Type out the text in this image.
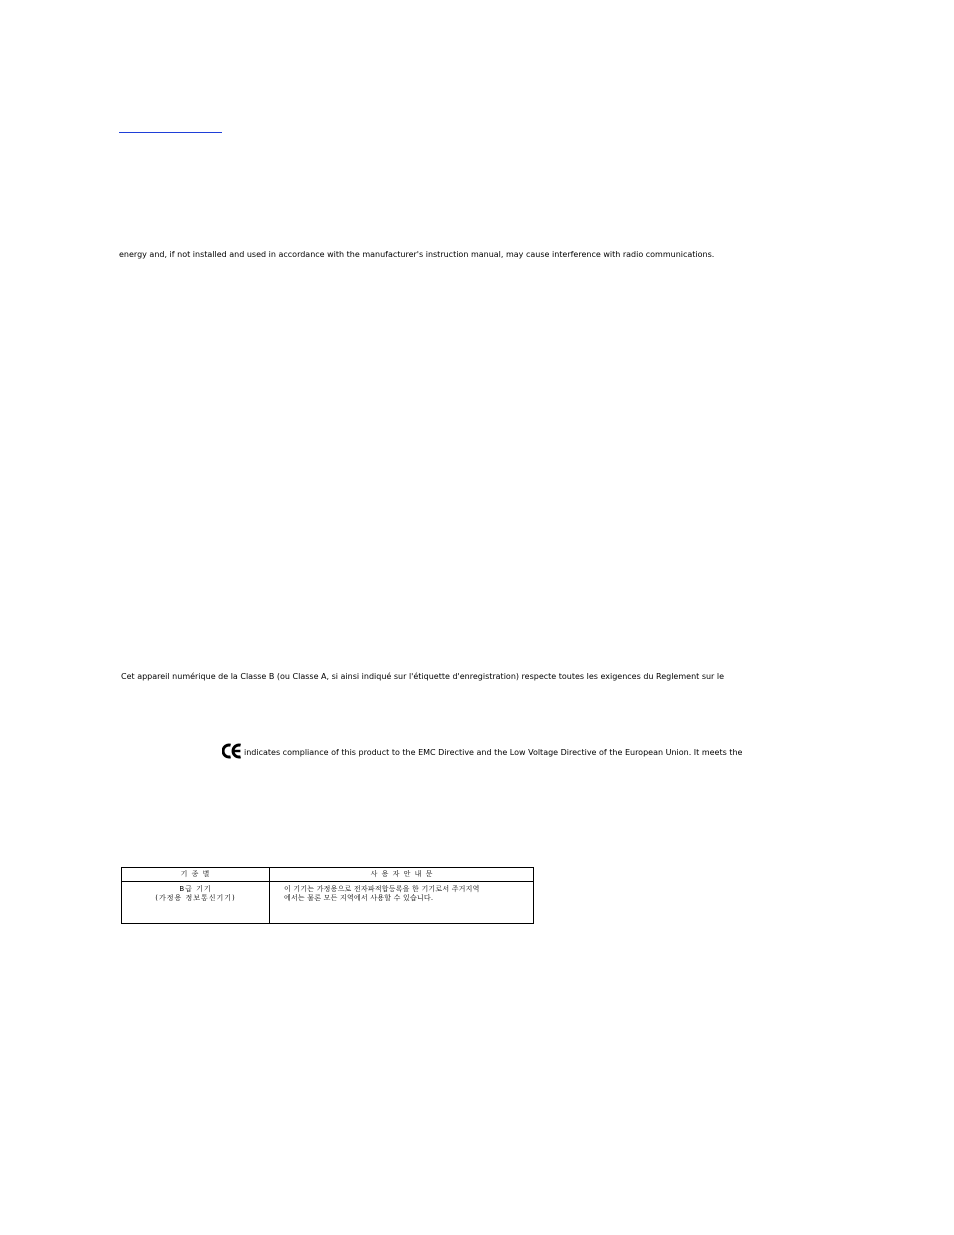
energy and, if not installed and used in accordance with the manufacturer's instruction manual, may cause interference with radio communications.
Cet appareil numérique de la Classe B (ou Classe A, si ainsi indiqué sur l'étiquette d'enregistration) respecte toutes les exigences du Reglement sur le
indicates compliance of this product to the EMC Directive and the Low Voltage Directive of the European Union. It meets the
기 종 별	사 용 자 안 내 문
B급 기기
(가정용 정보통신기기)
이 기기는 가정용으로 전자파적합등록을 한 기기로서 주거지역
에서는 물론 모든 지역에서 사용할 수 있습니다.
